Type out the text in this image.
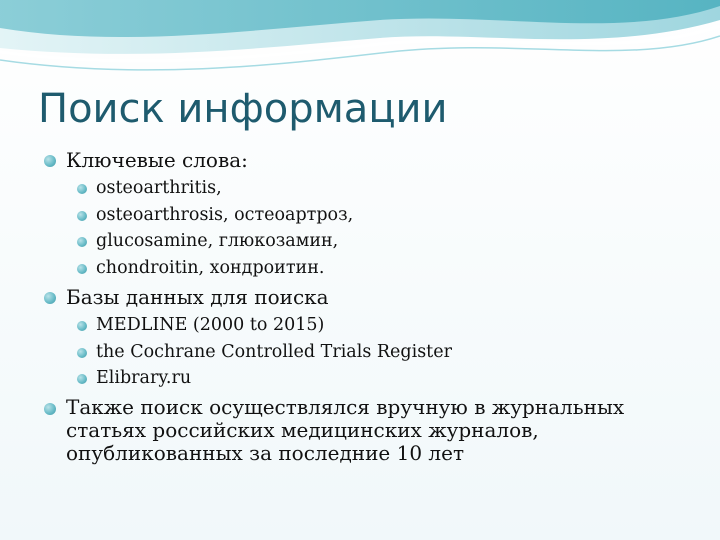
Поиск информации
Ключевые слова:
osteoarthritis,
osteoarthrosis, остеоартроз,
glucosamine, глюкозамин,
chondroitin, хондроитин.
Базы данных для поиска
MEDLINE (2000 to 2015)
the Cochrane Controlled Trials Register
Elibrary.ru
Также поиск осуществлялся вручную в журнальных статьях российских медицинских журналов, опубликованных за последние 10 лет
